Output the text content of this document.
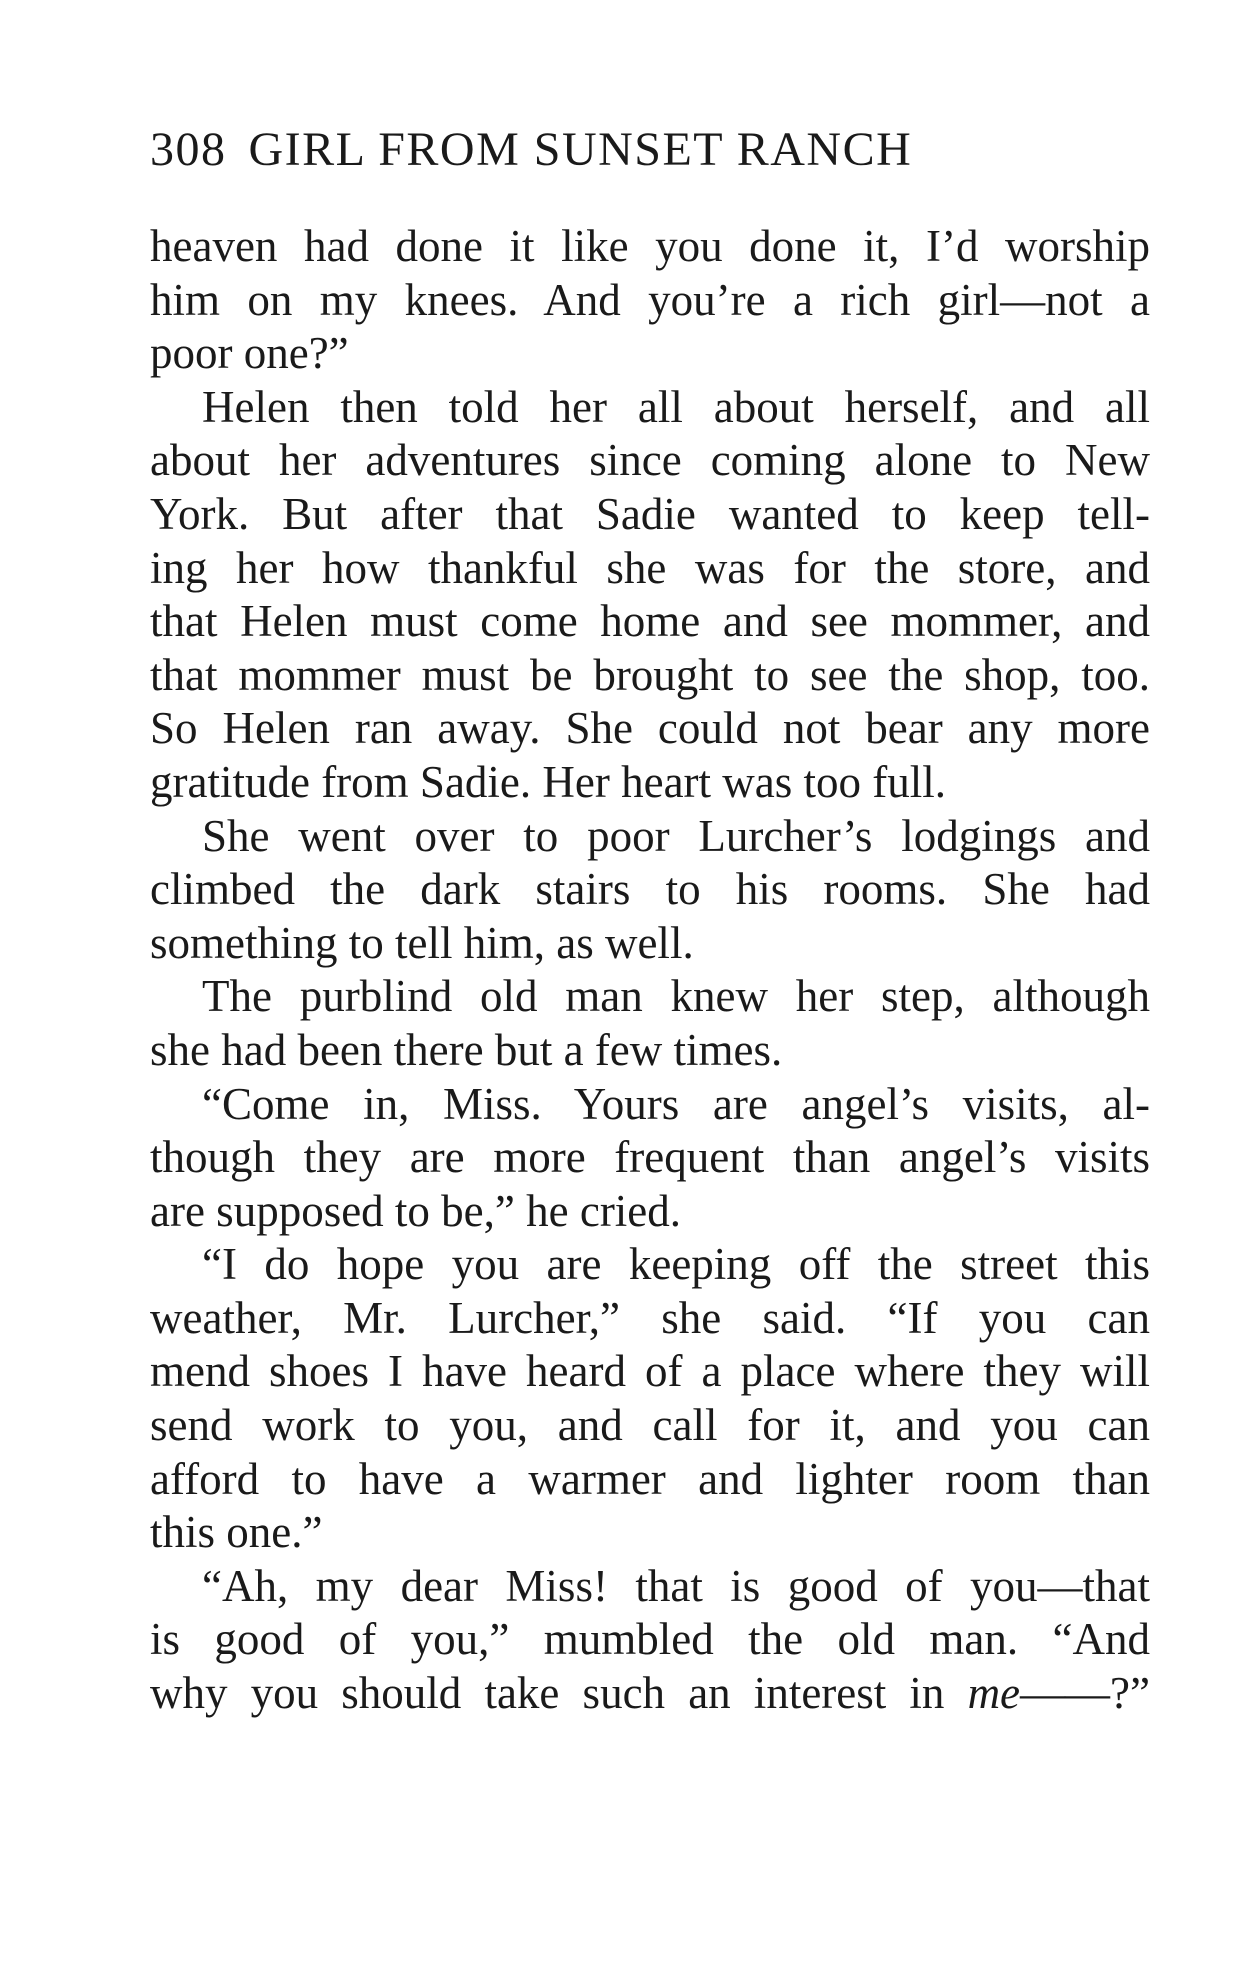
308 GIRL FROM SUNSET RANCH
heaven had done it like you done it, I’d worship
him on my knees. And you’re a rich girl—not a
poor one?”
Helen then told her all about herself, and all
about her adventures since coming alone to New
York. But after that Sadie wanted to keep tell-
ing her how thankful she was for the store, and
that Helen must come home and see mommer, and
that mommer must be brought to see the shop, too.
So Helen ran away. She could not bear any more
gratitude from Sadie. Her heart was too full.
She went over to poor Lurcher’s lodgings and
climbed the dark stairs to his rooms. She had
something to tell him, as well.
The purblind old man knew her step, although
she had been there but a few times.
“Come in, Miss. Yours are angel’s visits, al-
though they are more frequent than angel’s visits
are supposed to be,” he cried.
“I do hope you are keeping off the street this
weather, Mr. Lurcher,” she said. “If you can
mend shoes I have heard of a place where they will
send work to you, and call for it, and you can
afford to have a warmer and lighter room than
this one.”
“Ah, my dear Miss! that is good of you—that
is good of you,” mumbled the old man. “And
why you should take such an interest in me——?”
